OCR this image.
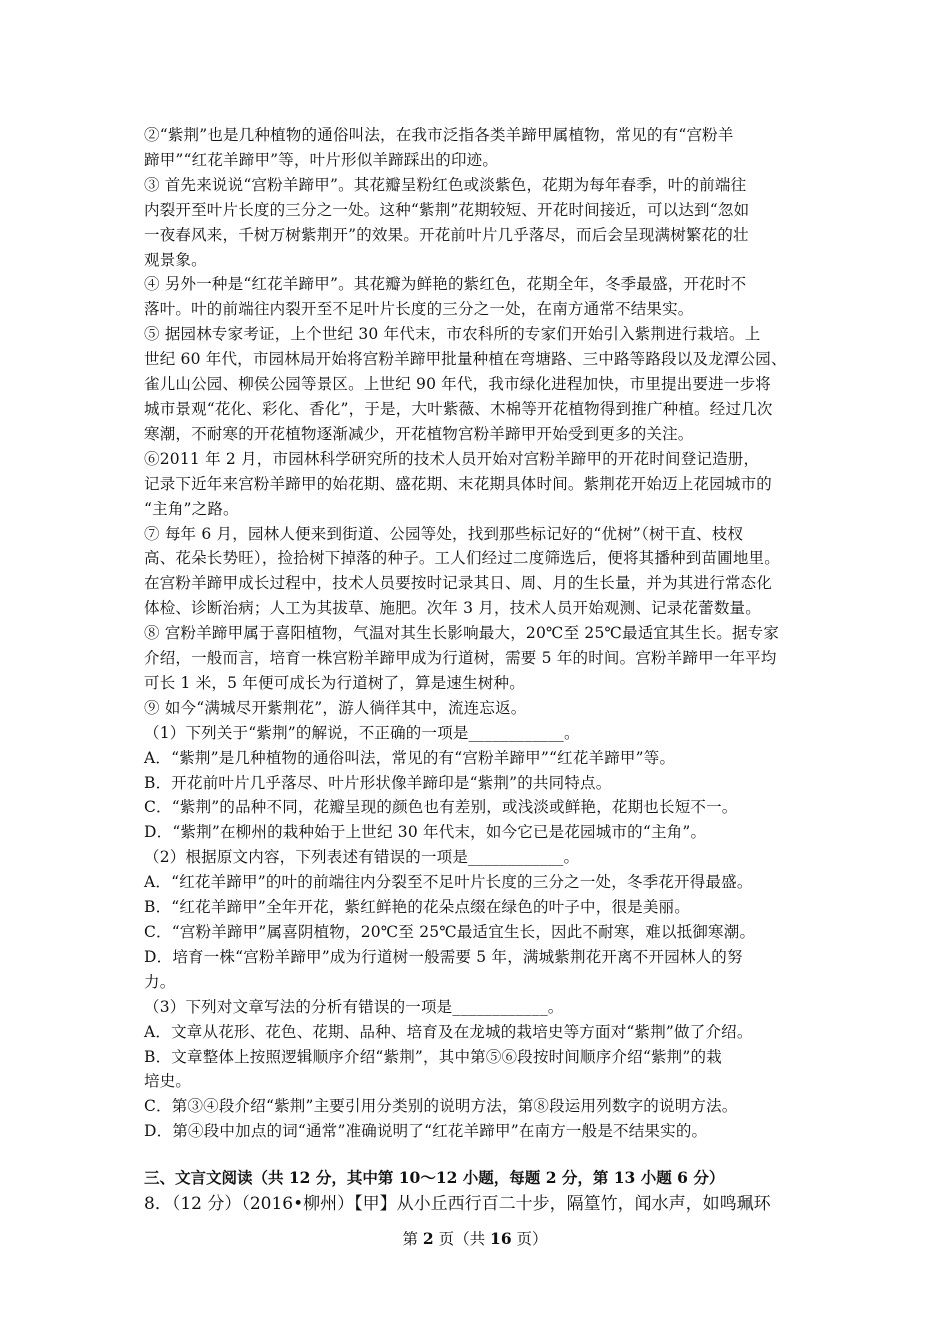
②“紫荆”也是几种植物的通俗叫法，在我市泛指各类羊蹄甲属植物，常见的有“宫粉羊
蹄甲”“红花羊蹄甲”等，叶片形似羊蹄踩出的印迹。
③ 首先来说说“宫粉羊蹄甲”。其花瓣呈粉红色或淡紫色，花期为每年春季，叶的前端往
内裂开至叶片长度的三分之一处。这种“紫荆”花期较短、开花时间接近，可以达到“忽如
一夜春风来，千树万树紫荆开”的效果。开花前叶片几乎落尽，而后会呈现满树繁花的壮
观景象。
④ 另外一种是“红花羊蹄甲”。其花瓣为鲜艳的紫红色，花期全年，冬季最盛，开花时不
落叶。叶的前端往内裂开至不足叶片长度的三分之一处，在南方通常不结果实。
⑤ 据园林专家考证，上个世纪 30 年代末，市农科所的专家们开始引入紫荆进行栽培。上
世纪 60 年代，市园林局开始将宫粉羊蹄甲批量种植在弯塘路、三中路等路段以及龙潭公园、
雀儿山公园、柳侯公园等景区。上世纪 90 年代，我市绿化进程加快，市里提出要进一步将
城市景观“花化、彩化、香化”，于是，大叶紫薇、木棉等开花植物得到推广种植。经过几次
寒潮，不耐寒的开花植物逐渐减少，开花植物宫粉羊蹄甲开始受到更多的关注。
⑥2011 年 2 月，市园林科学研究所的技术人员开始对宫粉羊蹄甲的开花时间登记造册，
记录下近年来宫粉羊蹄甲的始花期、盛花期、末花期具体时间。紫荆花开始迈上花园城市的
“主角”之路。
⑦ 每年 6 月，园林人便来到街道、公园等处，找到那些标记好的“优树”（树干直、枝杈
高、花朵长势旺），捡拾树下掉落的种子。工人们经过二度筛选后，便将其播种到苗圃地里。
在宫粉羊蹄甲成长过程中，技术人员要按时记录其日、周、月的生长量，并为其进行常态化
体检、诊断治病；人工为其拔草、施肥。次年 3 月，技术人员开始观测、记录花蕾数量。
⑧ 宫粉羊蹄甲属于喜阳植物，气温对其生长影响最大，20℃至 25℃最适宜其生长。据专家
介绍，一般而言，培育一株宫粉羊蹄甲成为行道树，需要 5 年的时间。宫粉羊蹄甲一年平均
可长 1 米，5 年便可成长为行道树了，算是速生树种。
⑨ 如今“满城尽开紫荆花”，游人徜徉其中，流连忘返。
（1）下列关于“紫荆”的解说，不正确的一项是____________。
A．“紫荆”是几种植物的通俗叫法，常见的有“宫粉羊蹄甲”“红花羊蹄甲”等。
B．开花前叶片几乎落尽、叶片形状像羊蹄印是“紫荆”的共同特点。
C．“紫荆”的品种不同，花瓣呈现的颜色也有差别，或浅淡或鲜艳，花期也长短不一。
D．“紫荆”在柳州的栽种始于上世纪 30 年代末，如今它已是花园城市的“主角”。
（2）根据原文内容，下列表述有错误的一项是____________。
A．“红花羊蹄甲”的叶的前端往内分裂至不足叶片长度的三分之一处，冬季花开得最盛。
B．“红花羊蹄甲”全年开花，紫红鲜艳的花朵点缀在绿色的叶子中，很是美丽。
C．“宫粉羊蹄甲”属喜阴植物，20℃至 25℃最适宜生长，因此不耐寒，难以抵御寒潮。
D．培育一株“宫粉羊蹄甲”成为行道树一般需要 5 年，满城紫荆花开离不开园林人的努
力。
（3）下列对文章写法的分析有错误的一项是____________。
A．文章从花形、花色、花期、品种、培育及在龙城的栽培史等方面对“紫荆”做了介绍。
B．文章整体上按照逻辑顺序介绍“紫荆”，其中第⑤⑥段按时间顺序介绍“紫荆”的栽
培史。
C．第③④段介绍“紫荆”主要引用分类别的说明方法，第⑧段运用列数字的说明方法。
D．第④段中加点的词“通常”准确说明了“红花羊蹄甲”在南方一般是不结果实的。
三、文言文阅读（共 12 分，其中第 10～12 小题，每题 2 分，第 13 小题 6 分）
8．（12 分）（2016•柳州）【甲】从小丘西行百二十步，隔篁竹，闻水声，如鸣珮环
第 2 页（共 16 页）
